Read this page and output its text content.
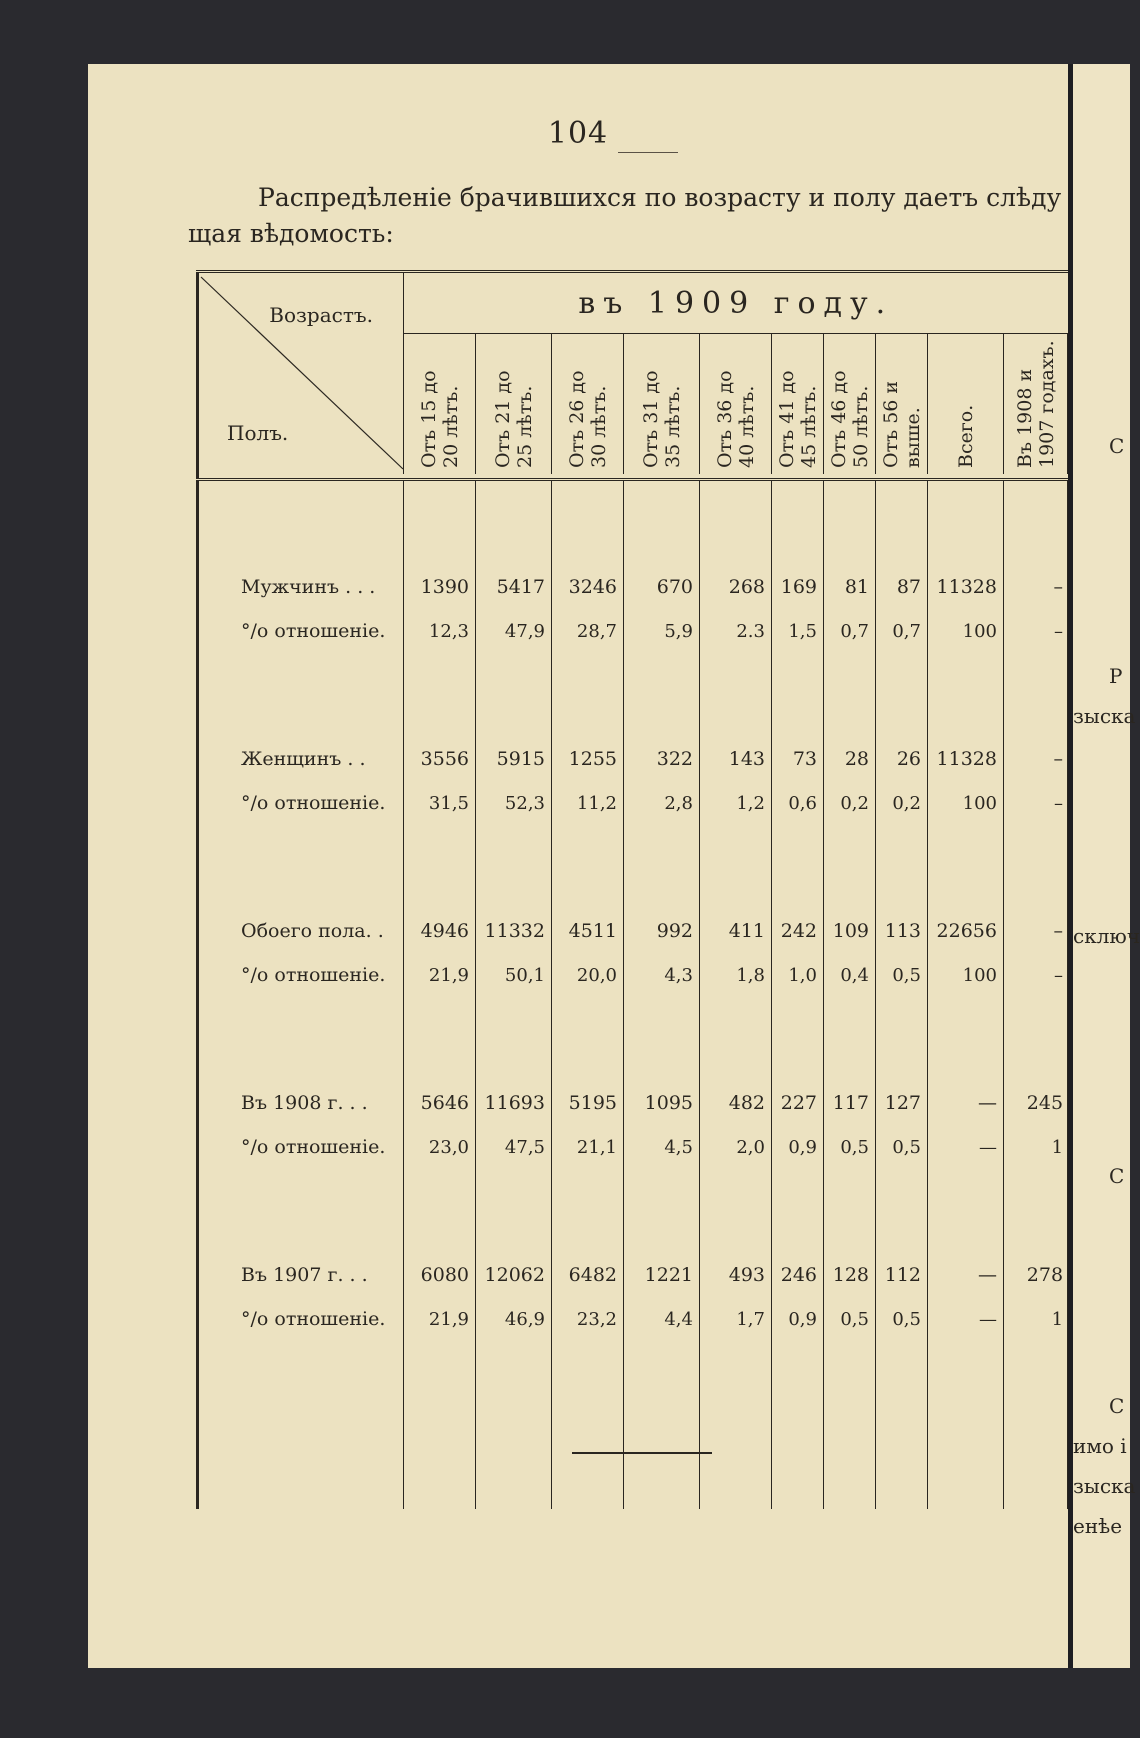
104
Распредѣленіе брачившихся по возрасту и полу даетъ слѣду
щая вѣдомость:
Возрастъ.
Полъ.	въ 1909 году.									

	Отъ 15 до
20 лѣтъ.	Отъ 21 до
25 лѣтъ.	Отъ 26 до
30 лѣтъ.	Отъ 31 до
35 лѣтъ.	Отъ 36 до
40 лѣтъ.	Отъ 41 до
45 лѣтъ.	Отъ 46 до
50 лѣтъ.	Отъ 56 и
выше.	Всего.	Въ 1908 и
1907 годахъ.

Мужчинъ . . .	1390	5417	3246	670	268	169	81	87	11328	–
°/о отношеніе.	12,3	47,9	28,7	5,9	2.3	1,5	0,7	0,7	100	–

Женщинъ . .	3556	5915	1255	322	143	73	28	26	11328	–
°/о отношеніе.	31,5	52,3	11,2	2,8	1,2	0,6	0,2	0,2	100	–

Обоего пола. .	4946	11332	4511	992	411	242	109	113	22656	–
°/о отношеніе.	21,9	50,1	20,0	4,3	1,8	1,0	0,4	0,5	100	–

Въ 1908 г. . .	5646	11693	5195	1095	482	227	117	127	—	245
°/о отношеніе.	23,0	47,5	21,1	4,5	2,0	0,9	0,5	0,5	—	1

Въ 1907 г. . .	6080	12062	6482	1221	493	246	128	112	—	278
°/о отношеніе.	21,9	46,9	23,2	4,4	1,7	0,9	0,5	0,5	—	1

С
Р
зыска
сключ
С
С
имо і
зыска
енѣе
